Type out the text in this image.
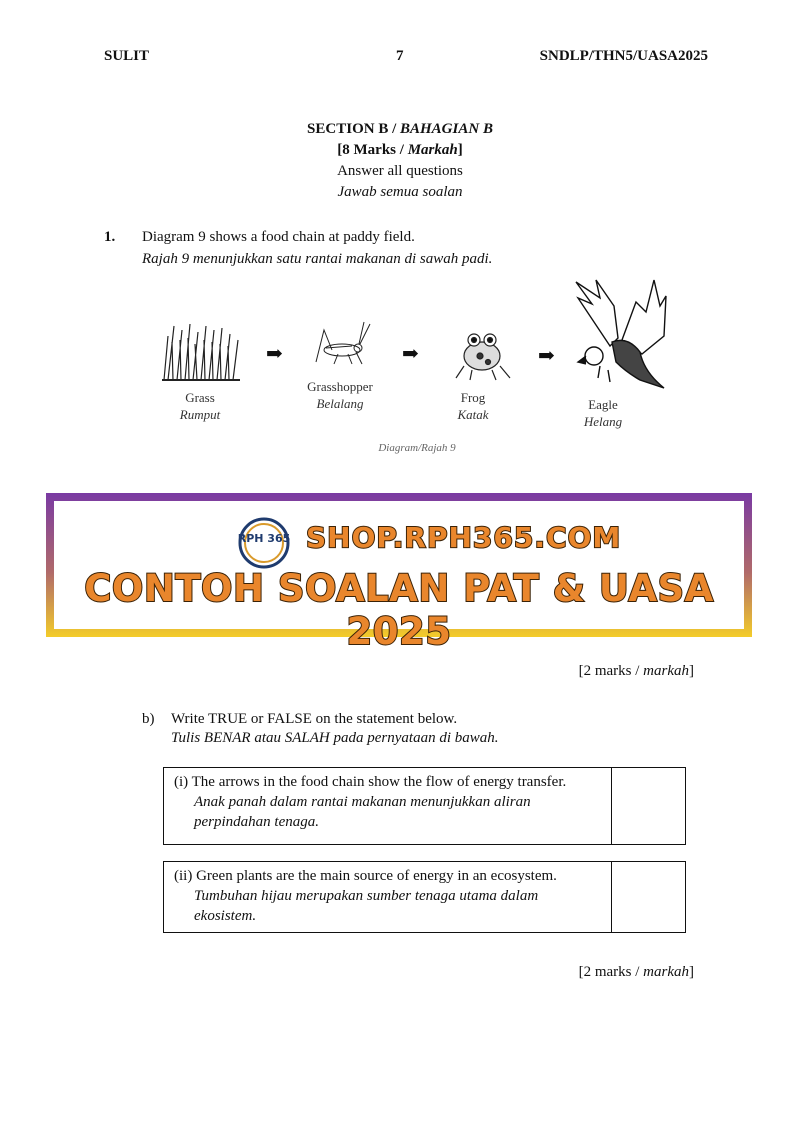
SULIT	7	SNDLP/THN5/UASA2025
SECTION B / BAHAGIAN B
[8 Marks / Markah]
Answer all questions
Jawab semua soalan
1. Diagram 9 shows a food chain at paddy field.
Rajah 9 menunjukkan satu rantai makanan di sawah padi.
➡	➡	➡
Grass
Rumput
Grasshopper
Belalang	Frog
Katak
Eagle
Helang
Diagram/Rajah 9
RPH 365 SHOP.RPH365.COM
CONTOH SOALAN PAT & UASA 2025
[2 marks / markah]
b) Write TRUE or FALSE on the statement below.
Tulis BENAR atau SALAH pada pernyataan di bawah.
(i) The arrows in the food chain show the flow of energy transfer.
Anak panah dalam rantai makanan menunjukkan aliran
perpindahan tenaga.
(ii) Green plants are the main source of energy in an ecosystem.
Tumbuhan hijau merupakan sumber tenaga utama dalam
ekosistem.
[2 marks / markah]
